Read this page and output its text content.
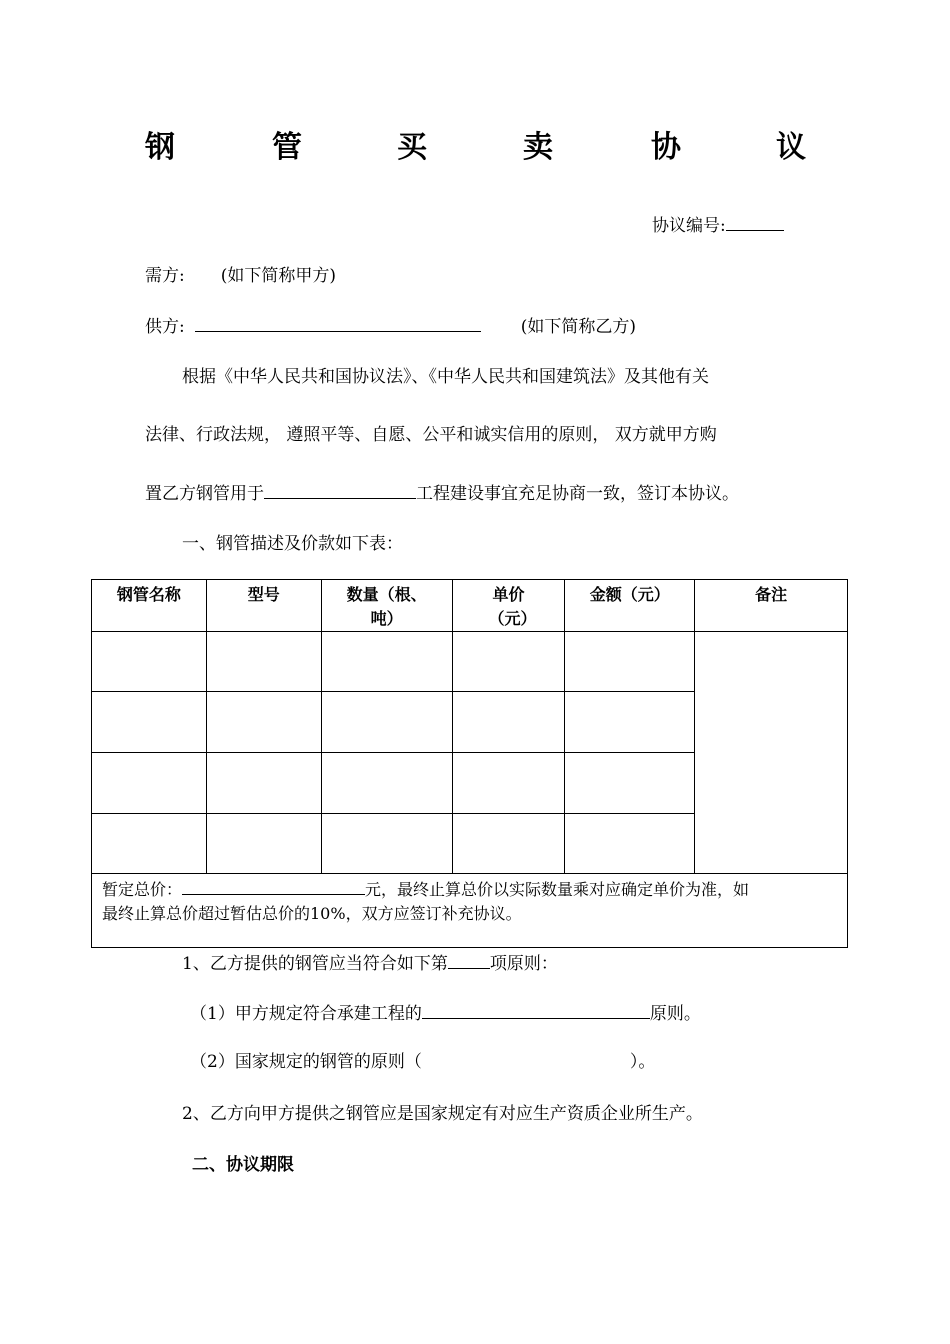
钢	管	买	卖	协	议
协议编号:
需方: (如下简称甲方)
供方:	(如下简称乙方)
根据《中华人民共和国协议法》、《中华人民共和国建筑法》及其他有关
法律、行政法规， 遵照平等、自愿、公平和诚实信用的原则， 双方就甲方购
置乙方钢管用于	工程建设事宜充足协商一致，签订本协议。
一、钢管描述及价款如下表：
钢管名称	型号	数量（根、吨）	单价（元）	金额（元）	备注

暂定总价： 元，最终止算总价以实际数量乘对应确定单价为准，如
最终止算总价超过暂估总价的10%，双方应签订补充协议。					
1、乙方提供的钢管应当符合如下第 项原则：
（1）甲方规定符合承建工程的	原则。
（2）国家规定的钢管的原则（	）。
2、乙方向甲方提供之钢管应是国家规定有对应生产资质企业所生产。
二、协议期限
